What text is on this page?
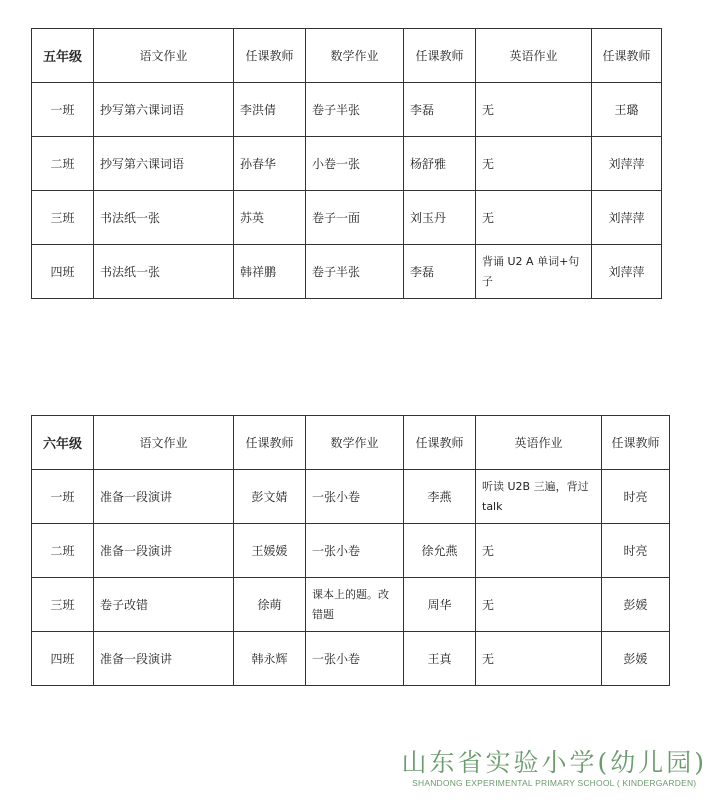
五年级	语文作业	任课教师	数学作业	任课教师	英语作业	任课教师
一班	抄写第六课词语	李洪倩	卷子半张	李磊	无	王璐
二班	抄写第六课词语	孙春华	小卷一张	杨舒雅	无	刘萍萍
三班	书法纸一张	苏英	卷子一面	刘玉丹	无	刘萍萍
四班	书法纸一张	韩祥鹏	卷子半张	李磊	背诵 U2 A 单词+句子	刘萍萍
六年级	语文作业	任课教师	数学作业	任课教师	英语作业	任课教师
一班	准备一段演讲	彭文婧	一张小卷	李燕	听读 U2B 三遍，背过 talk	时亮
二班	准备一段演讲	王媛媛	一张小卷	徐允燕	无	时亮
三班	卷子改错	徐萌	课本上的题。改错题	周华	无	彭媛
四班	准备一段演讲	韩永辉	一张小卷	王真	无	彭媛
山东省实验小学(幼儿园)
SHANDONG EXPERIMENTAL PRIMARY SCHOOL ( KINDERGARDEN)
